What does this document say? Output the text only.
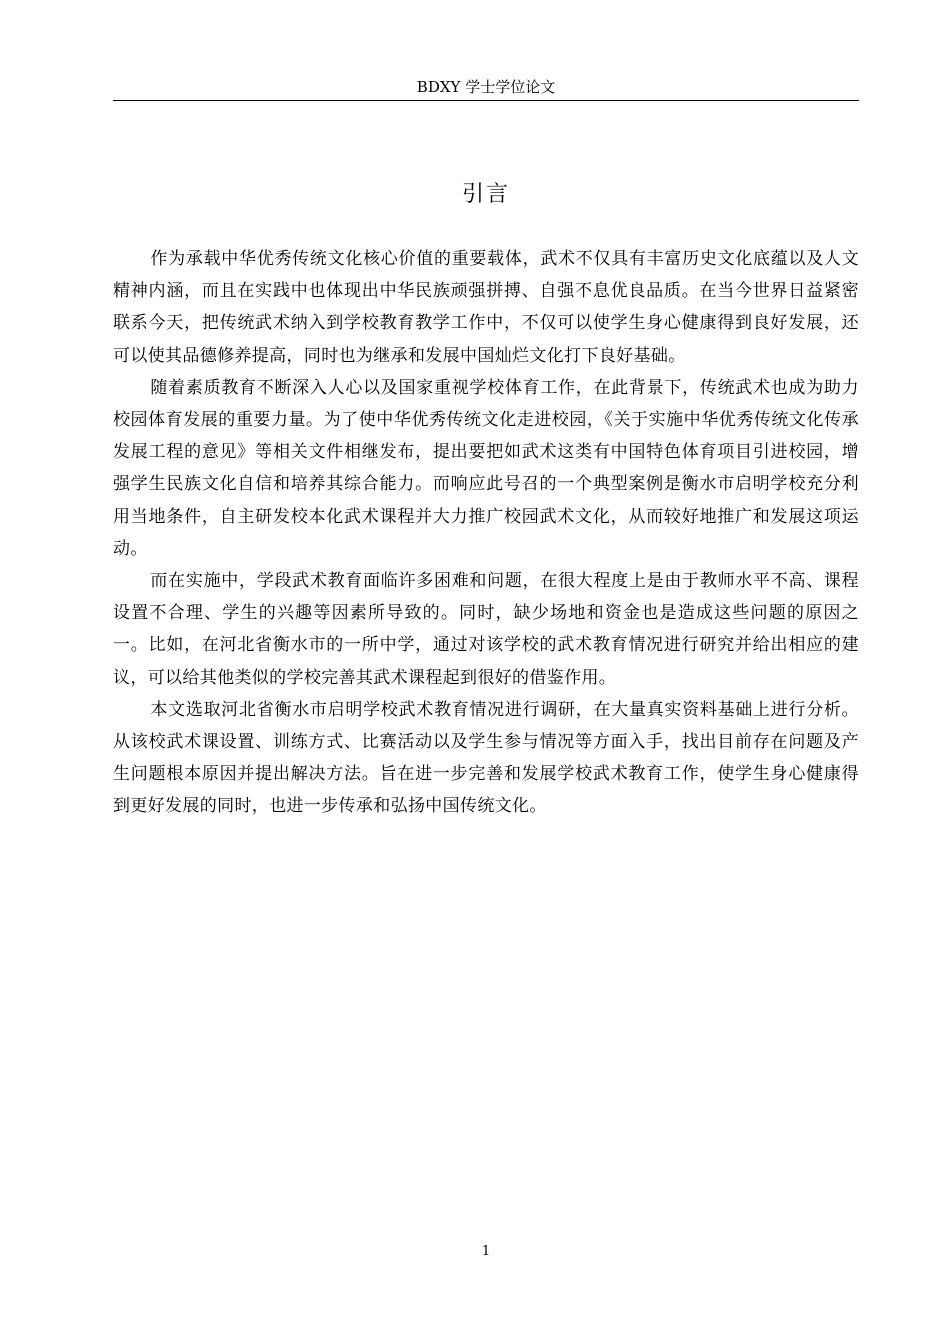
BDXY 学士学位论文
引言

作为承载中华优秀传统文化核心价值的重要载体，武术不仅具有丰富历史文化底蕴以及人文精神内涵，而且在实践中也体现出中华民族顽强拼搏、自强不息优良品质。在当今世界日益紧密联系今天，把传统武术纳入到学校教育教学工作中，不仅可以使学生身心健康得到良好发展，还可以使其品德修养提高，同时也为继承和发展中国灿烂文化打下良好基础。

随着素质教育不断深入人心以及国家重视学校体育工作，在此背景下，传统武术也成为助力校园体育发展的重要力量。为了使中华优秀传统文化走进校园，《关于实施中华优秀传统文化传承发展工程的意见》等相关文件相继发布，提出要把如武术这类有中国特色体育项目引进校园，增强学生民族文化自信和培养其综合能力。而响应此号召的一个典型案例是衡水市启明学校充分利用当地条件，自主研发校本化武术课程并大力推广校园武术文化，从而较好地推广和发展这项运动。

而在实施中，学段武术教育面临许多困难和问题，在很大程度上是由于教师水平不高、课程设置不合理、学生的兴趣等因素所导致的。同时，缺少场地和资金也是造成这些问题的原因之一。比如，在河北省衡水市的一所中学，通过对该学校的武术教育情况进行研究并给出相应的建议，可以给其他类似的学校完善其武术课程起到很好的借鉴作用。

本文选取河北省衡水市启明学校武术教育情况进行调研，在大量真实资料基础上进行分析。从该校武术课设置、训练方式、比赛活动以及学生参与情况等方面入手，找出目前存在问题及产生问题根本原因并提出解决方法。旨在进一步完善和发展学校武术教育工作，使学生身心健康得到更好发展的同时，也进一步传承和弘扬中国传统文化。

1
